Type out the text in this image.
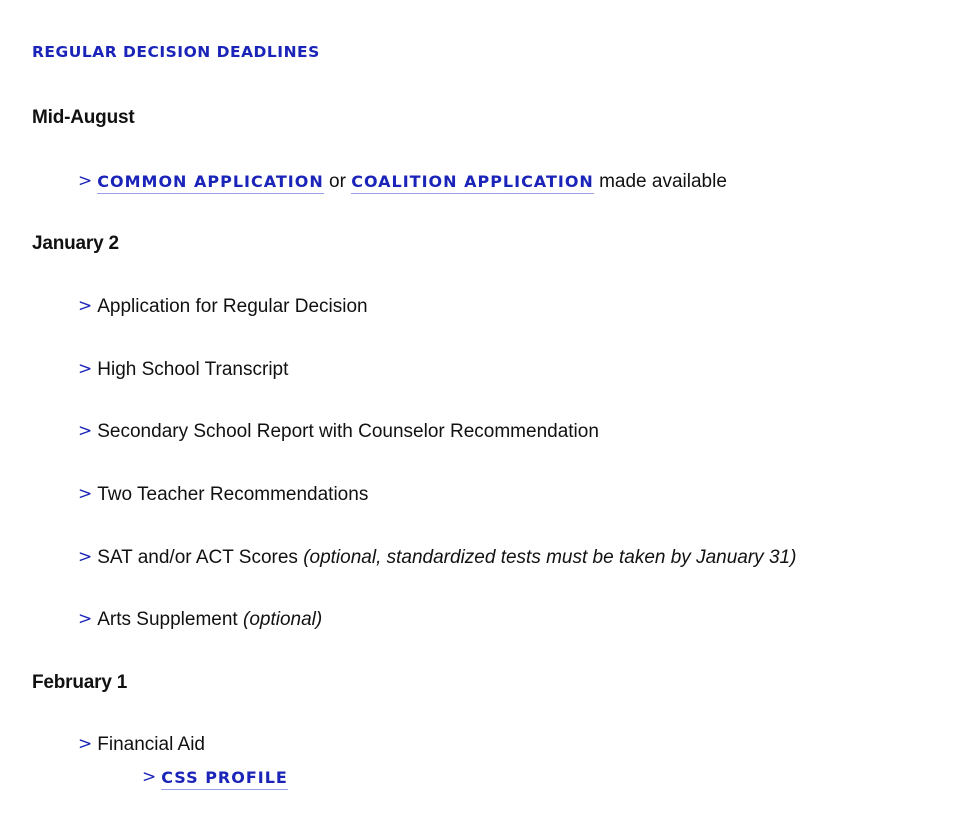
REGULAR DECISION DEADLINES
Mid-August
> COMMON APPLICATION or COALITION APPLICATION made available
January 2
> Application for Regular Decision
> High School Transcript
> Secondary School Report with Counselor Recommendation
> Two Teacher Recommendations
> SAT and/or ACT Scores (optional, standardized tests must be taken by January 31)
> Arts Supplement (optional)
February 1
> Financial Aid
> CSS PROFILE
